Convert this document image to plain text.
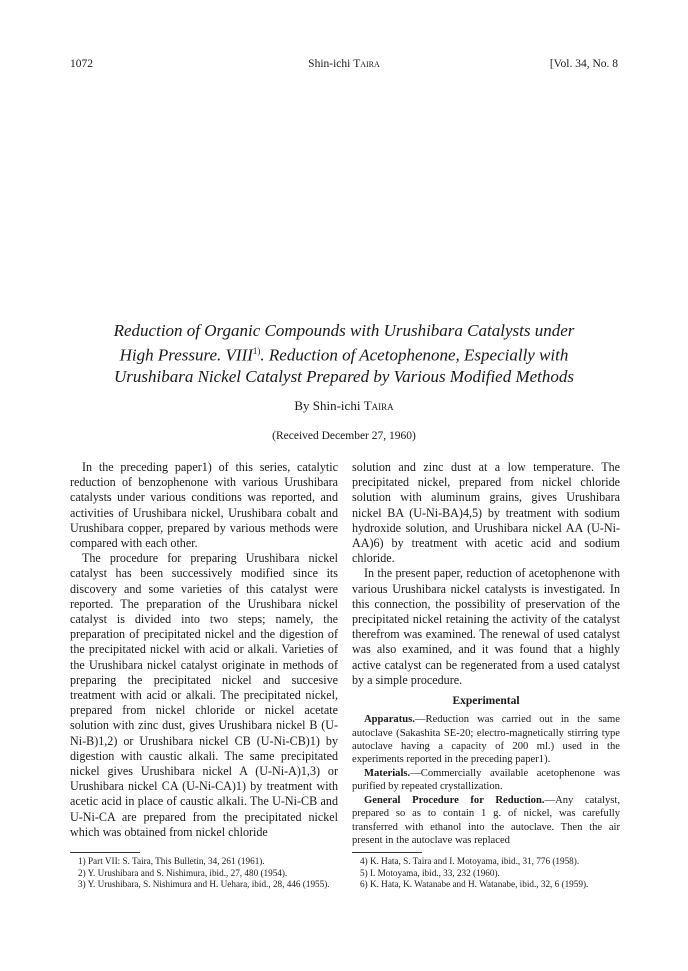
1072	Shin-ichi Taira	[Vol. 34, No. 8
Reduction of Organic Compounds with Urushibara Catalysts under
High Pressure. VIII$^{1)}$. Reduction of Acetophenone, Especially with
Urushibara Nickel Catalyst Prepared by Various Modified Methods
By Shin-ichi Taira
(Received December 27, 1960)

In the preceding paper1) of this series, catalytic reduction of benzophenone with various Urushibara catalysts under various conditions was reported, and activities of Urushibara nickel, Urushibara cobalt and Urushibara copper, prepared by various methods were compared with each other.

The procedure for preparing Urushibara nickel catalyst has been successively modified since its discovery and some varieties of this catalyst were reported. The preparation of the Urushibara nickel catalyst is divided into two steps; namely, the preparation of precipitated nickel and the digestion of the precipitated nickel with acid or alkali. Varieties of the Urushibara nickel catalyst originate in methods of preparing the precipitated nickel and succesive treatment with acid or alkali. The precipitated nickel, prepared from nickel chloride or nickel acetate solution with zinc dust, gives Urushibara nickel B (U-Ni-B)1,2) or Urushibara nickel CB (U-Ni-CB)1) by digestion with caustic alkali. The same precipitated nickel gives Urushibara nickel A (U-Ni-A)1,3) or Urushibara nickel CA (U-Ni-CA)1) by treatment with acetic acid in place of caustic alkali. The U-Ni-CB and U-Ni-CA are prepared from the precipitated nickel which was obtained from nickel chloride

solution and zinc dust at a low temperature. The precipitated nickel, prepared from nickel chloride solution with aluminum grains, gives Urushibara nickel BA (U-Ni-BA)4,5) by treatment with sodium hydroxide solution, and Urushibara nickel AA (U-Ni-AA)6) by treatment with acetic acid and sodium chloride.

In the present paper, reduction of acetophenone with various Urushibara nickel catalysts is investigated. In this connection, the possibility of preservation of the precipitated nickel retaining the activity of the catalyst therefrom was examined. The renewal of used catalyst was also examined, and it was found that a highly active catalyst can be regenerated from a used catalyst by a simple procedure.

Experimental

Apparatus.—Reduction was carried out in the same autoclave (Sakashita SE-20; electro-magnetically stirring type autoclave having a capacity of 200 ml.) used in the experiments reported in the preceding paper1).

Materials.—Commercially available acetophenone was purified by repeated crystallization.

General Procedure for Reduction.—Any catalyst, prepared so as to contain 1 g. of nickel, was carefully transferred with ethanol into the autoclave. Then the air present in the autoclave was replaced

1) Part VII: S. Taira, This Bulletin, 34, 261 (1961).
2) Y. Urushibara and S. Nishimura, ibid., 27, 480 (1954).
3) Y. Urushibara, S. Nishimura and H. Uehara, ibid., 28, 446 (1955).
4) K. Hata, S. Taira and I. Motoyama, ibid., 31, 776 (1958).
5) I. Motoyama, ibid., 33, 232 (1960).
6) K. Hata, K. Watanabe and H. Watanabe, ibid., 32, 6 (1959).
